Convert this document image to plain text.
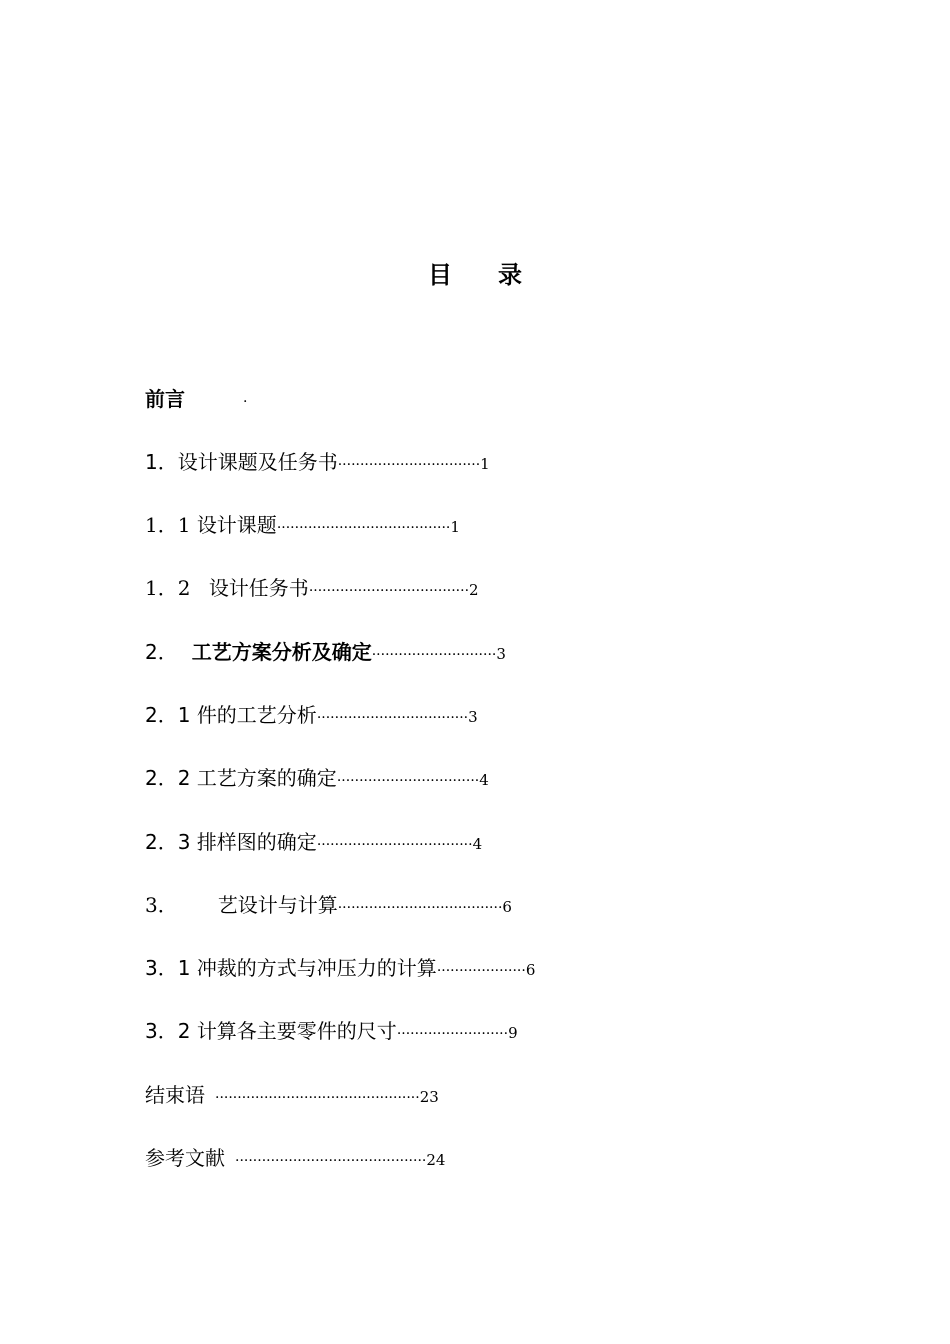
目 录
前言	·
1．设计课题及任务书································1
1．1 设计课题·······································1
1．2 设计任务书····································2
2． 工艺方案分析及确定····························3
2．1 件的工艺分析··································3
2．2 工艺方案的确定································4
2．3 排样图的确定···································4
3． 艺设计与计算·····································6
3．1 冲裁的方式与冲压力的计算····················6
3．2 计算各主要零件的尺寸·························9
结束语 ··············································23
参考文献 ···········································24
